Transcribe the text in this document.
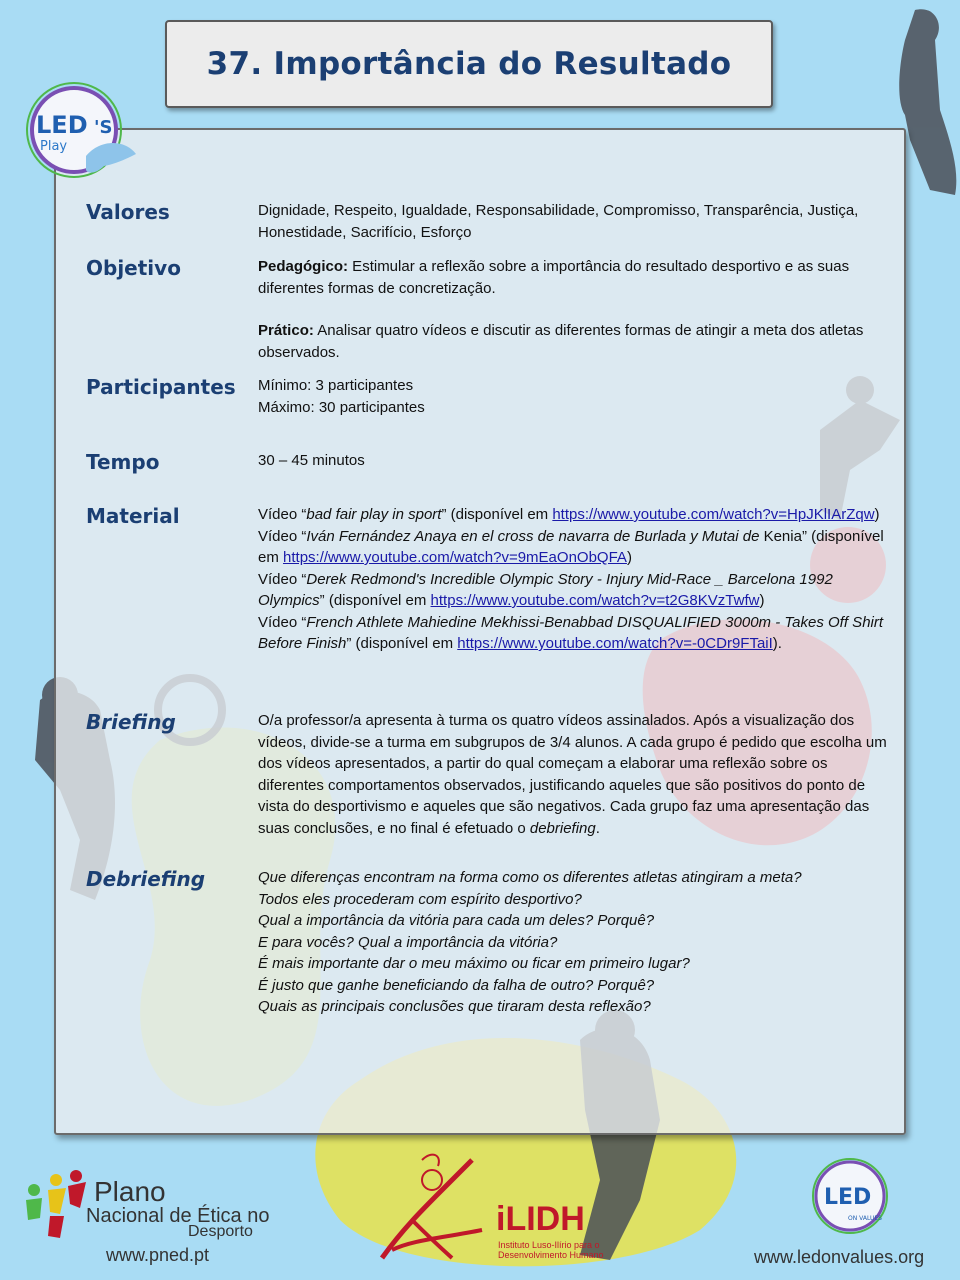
LED 'S
Play
37. Importância do Resultado
Valores	Dignidade, Respeito, Igualdade, Responsabilidade, Compromisso, Transparência, Justiça, Honestidade, Sacrifício, Esforço

Objetivo	Pedagógico: Estimular a reflexão sobre a importância do resultado desportivo e as suas diferentes formas de concretização.

Prático: Analisar quatro vídeos e discutir as diferentes formas de atingir a meta dos atletas observados.

Participantes Mínimo: 3 participantes

Máximo: 30 participantes

Tempo	30 – 45 minutos

Material	Vídeo “bad fair play in sport” (disponível em https://www.youtube.com/watch?v=HpJKlIArZqw)

Vídeo “Iván Fernández Anaya en el cross de navarra de Burlada y Mutai de Kenia” (disponível em https://www.youtube.com/watch?v=9mEaOnObQFA)

Vídeo “Derek Redmond's Incredible Olympic Story - Injury Mid-Race _ Barcelona 1992 Olympics” (disponível em https://www.youtube.com/watch?v=t2G8KVzTwfw)

Vídeo “French Athlete Mahiedine Mekhissi-Benabbad DISQUALIFIED 3000m - Takes Off Shirt Before Finish” (disponível em https://www.youtube.com/watch?v=-0CDr9FTaiI).

Briefing	O/a professor/a apresenta à turma os quatro vídeos assinalados. Após a visualização dos vídeos, divide-se a turma em subgrupos de 3/4 alunos. A cada grupo é pedido que escolha um dos vídeos apresentados, a partir do qual começam a elaborar uma reflexão sobre os diferentes comportamentos observados, justificando aqueles que são positivos do ponto de vista do desportivismo e aqueles que são negativos. Cada grupo faz uma apresentação das suas conclusões, e no final é efetuado o debriefing.

Debriefing	Que diferenças encontram na forma como os diferentes atletas atingiram a meta?

Todos eles procederam com espírito desportivo?

Qual a importância da vitória para cada um deles? Porquê?

E para vocês? Qual a importância da vitória?

É mais importante dar o meu máximo ou ficar em primeiro lugar?

É justo que ganhe beneficiando da falha de outro? Porquê?

Quais as principais conclusões que tiraram desta reflexão?

Plano
Nacional de Ética no
Desporto
www.pned.pt
iLIDH
Instituto Luso-Ilírio para o
Desenvolvimento Humano
LED
ON VALUES
www.ledonvalues.org
